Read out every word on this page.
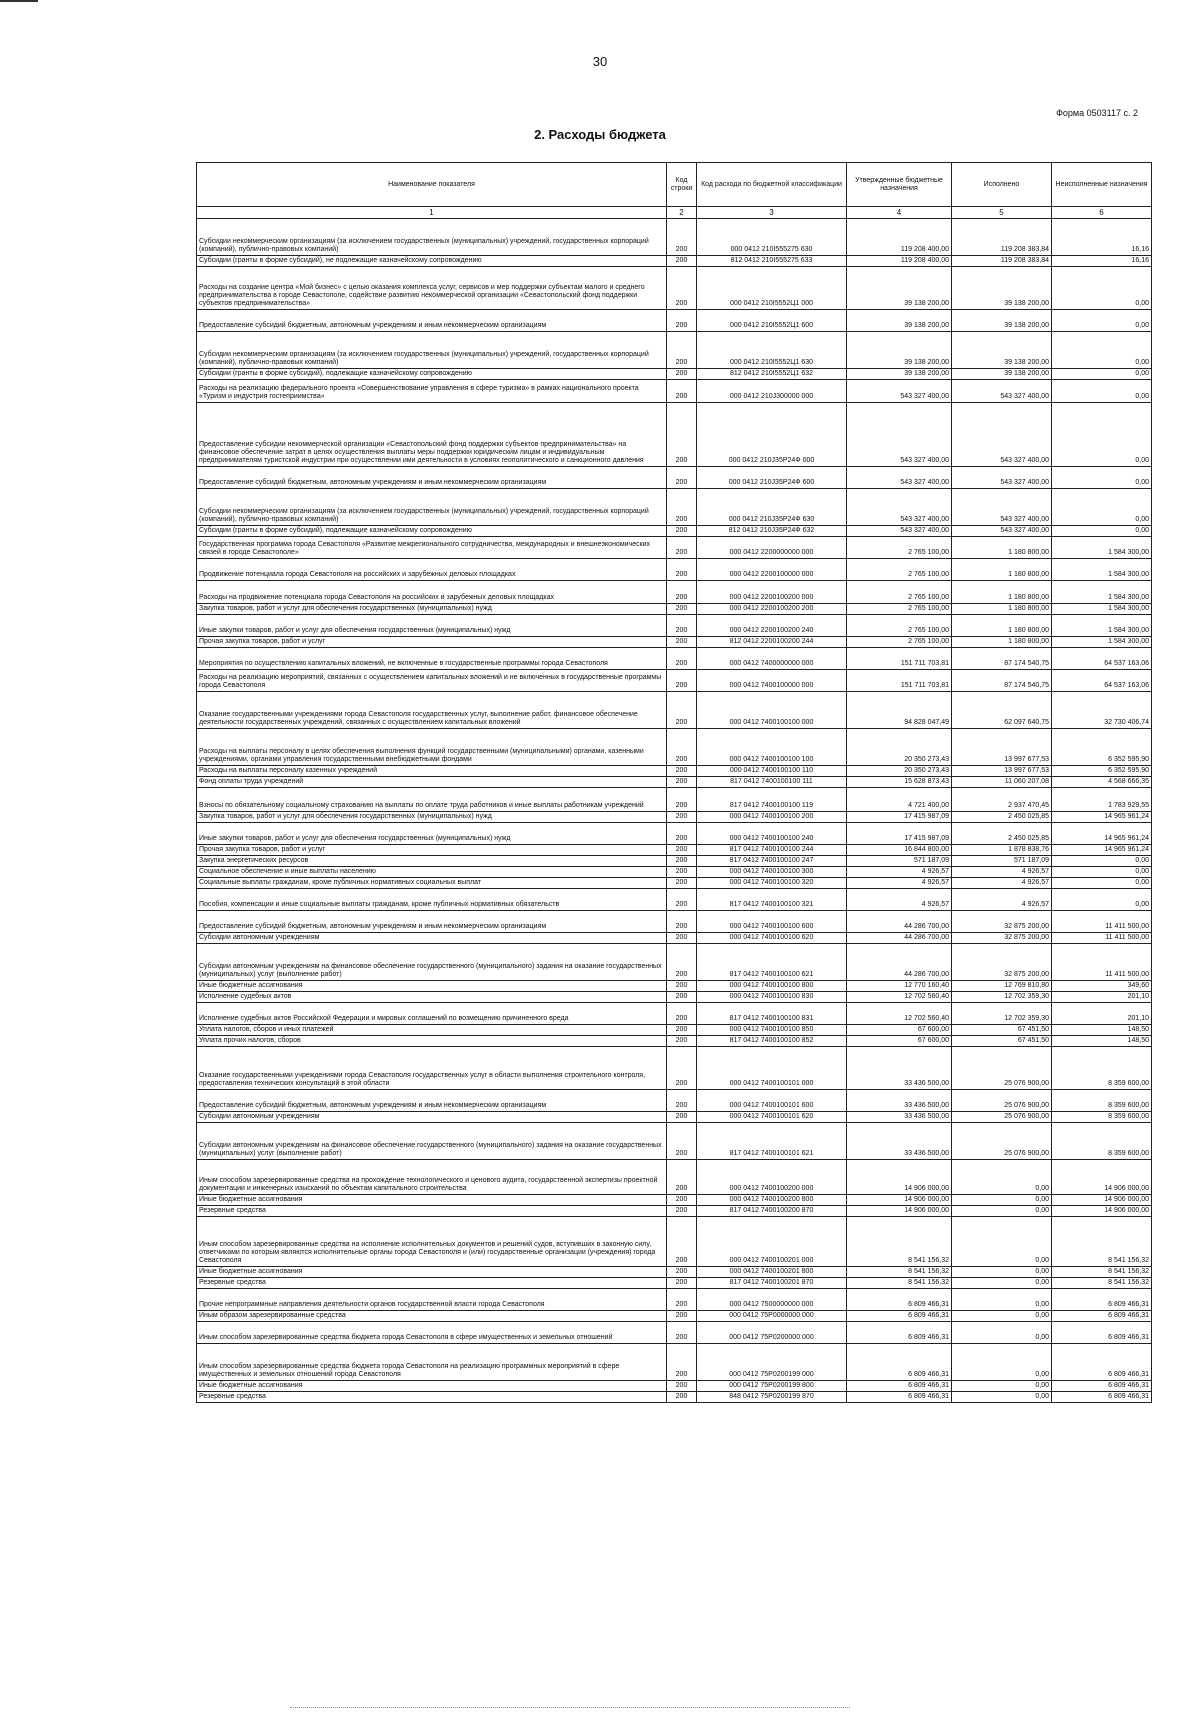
30
Форма 0503117 с. 2
2. Расходы бюджета
Наименование показателя	Код строки	Код расхода по бюджетной классификации	Утвержденные бюджетные назначения	Исполнено	Неисполненные назначения
1	2	3	4	5	6
Субсидии некоммерческим организациям (за исключением государственных (муниципальных) учреждений, государственных корпораций (компаний), публично-правовых компаний)	200	000 0412 210I555275 630	119 208 400,00	119 208 383,84	16,16
Субсидии (гранты в форме субсидий), не подлежащие казначейскому сопровождению	200	812 0412 210I555275 633	119 208 400,00	119 208 383,84	16,16
Расходы на создание центра «Мой бизнес» с целью оказания комплекса услуг, сервисов и мер поддержки субъектам малого и среднего предпринимательства в городе Севастополе, содействие развитию некоммерческой организации «Севастопольский фонд поддержки субъектов предпринимательства»	200	000 0412 210I5552Ц1 000	39 138 200,00	39 138 200,00	0,00
Предоставление субсидий бюджетным, автономным учреждениям и иным некоммерческим организациям	200	000 0412 210I5552Ц1 600	39 138 200,00	39 138 200,00	0,00
Субсидии некоммерческим организациям (за исключением государственных (муниципальных) учреждений, государственных корпораций (компаний), публично-правовых компаний)	200	000 0412 210I5552Ц1 630	39 138 200,00	39 138 200,00	0,00
Субсидии (гранты в форме субсидий), подлежащие казначейскому сопровождению	200	812 0412 210I5552Ц1 632	39 138 200,00	39 138 200,00	0,00
Расходы на реализацию федерального проекта «Совершенствование управления в сфере туризма» в рамках национального проекта «Туризм и индустрия гостеприимства»	200	000 0412 210J300000 000	543 327 400,00	543 327 400,00	0,00
Предоставление субсидии некоммерческой организации «Севастопольский фонд поддержки субъектов предпринимательства» на финансовое обеспечение затрат в целях осуществления выплаты меры поддержки юридическим лицам и индивидуальным предпринимателям туристской индустрии при осуществлении ими деятельности в условиях геополитического и санкционного давления	200	000 0412 210J35Р24Ф 000	543 327 400,00	543 327 400,00	0,00
Предоставление субсидий бюджетным, автономным учреждениям и иным некоммерческим организациям	200	000 0412 210J35Р24Ф 600	543 327 400,00	543 327 400,00	0,00
Субсидии некоммерческим организациям (за исключением государственных (муниципальных) учреждений, государственных корпораций (компаний), публично-правовых компаний)	200	000 0412 210J35Р24Ф 630	543 327 400,00	543 327 400,00	0,00
Субсидии (гранты в форме субсидий), подлежащие казначейскому сопровождению	200	812 0412 210J35Р24Ф 632	543 327 400,00	543 327 400,00	0,00
Государственная программа города Севастополя «Развитие межрегионального сотрудничества, международных и внешнеэкономических связей в городе Севастополе»	200	000 0412 2200000000 000	2 765 100,00	1 180 800,00	1 584 300,00
Продвижение потенциала города Севастополя на российских и зарубежных деловых площадках	200	000 0412 2200100000 000	2 765 100,00	1 180 800,00	1 584 300,00
Расходы на продвижение потенциала города Севастополя на российских и зарубежных деловых площадках	200	000 0412 2200100200 000	2 765 100,00	1 180 800,00	1 584 300,00
Закупка товаров, работ и услуг для обеспечения государственных (муниципальных) нужд	200	000 0412 2200100200 200	2 765 100,00	1 180 800,00	1 584 300,00
Иные закупки товаров, работ и услуг для обеспечения государственных (муниципальных) нужд	200	000 0412 2200100200 240	2 765 100,00	1 180 800,00	1 584 300,00
Прочая закупка товаров, работ и услуг	200	812 0412 2200100200 244	2 765 100,00	1 180 800,00	1 584 300,00
Мероприятия по осуществлению капитальных вложений, не включенные в государственные программы города Севастополя	200	000 0412 7400000000 000	151 711 703,81	87 174 540,75	64 537 163,06
Расходы на реализацию мероприятий, связанных с осуществлением капитальных вложений и не включенных в государственные программы города Севастополя	200	000 0412 7400100000 000	151 711 703,81	87 174 540,75	64 537 163,06
Оказание государственными учреждениями города Севастополя государственных услуг, выполнение работ, финансовое обеспечение деятельности государственных учреждений, связанных с осуществлением капитальных вложений	200	000 0412 7400100100 000	94 828 047,49	62 097 640,75	32 730 406,74
Расходы на выплаты персоналу в целях обеспечения выполнения функций государственными (муниципальными) органами, казенными учреждениями, органами управления государственными внебюджетными фондами	200	000 0412 7400100100 100	20 350 273,43	13 997 677,53	6 352 595,90
Расходы на выплаты персоналу казенных учреждений	200	000 0412 7400100100 110	20 350 273,43	13 997 677,53	6 352 595,90
Фонд оплаты труда учреждений	200	817 0412 7400100100 111	15 628 873,43	11 060 207,08	4 568 666,35
Взносы по обязательному социальному страхованию на выплаты по оплате труда работников и иные выплаты работникам учреждений	200	817 0412 7400100100 119	4 721 400,00	2 937 470,45	1 783 929,55
Закупка товаров, работ и услуг для обеспечения государственных (муниципальных) нужд	200	000 0412 7400100100 200	17 415 987,09	2 450 025,85	14 965 961,24
Иные закупки товаров, работ и услуг для обеспечения государственных (муниципальных) нужд	200	000 0412 7400100100 240	17 415 987,09	2 450 025,85	14 965 961,24
Прочая закупка товаров, работ и услуг	200	817 0412 7400100100 244	16 844 800,00	1 878 838,76	14 965 961,24
Закупка энергетических ресурсов	200	817 0412 7400100100 247	571 187,09	571 187,09	0,00
Социальное обеспечение и иные выплаты населению	200	000 0412 7400100100 300	4 926,57	4 926,57	0,00
Социальные выплаты гражданам, кроме публичных нормативных социальных выплат	200	000 0412 7400100100 320	4 926,57	4 926,57	0,00
Пособия, компенсации и иные социальные выплаты гражданам, кроме публичных нормативных обязательств	200	817 0412 7400100100 321	4 926,57	4 926,57	0,00
Предоставление субсидий бюджетным, автономным учреждениям и иным некоммерческим организациям	200	000 0412 7400100100 600	44 286 700,00	32 875 200,00	11 411 500,00
Субсидии автономным учреждениям	200	000 0412 7400100100 620	44 286 700,00	32 875 200,00	11 411 500,00
Субсидии автономным учреждениям на финансовое обеспечение государственного (муниципального) задания на оказание государственных (муниципальных) услуг (выполнение работ)	200	817 0412 7400100100 621	44 286 700,00	32 875 200,00	11 411 500,00
Иные бюджетные ассигнования	200	000 0412 7400100100 800	12 770 160,40	12 769 810,80	349,60
Исполнение судебных актов	200	000 0412 7400100100 830	12 702 560,40	12 702 359,30	201,10
Исполнение судебных актов Российской Федерации и мировых соглашений по возмещению причиненного вреда	200	817 0412 7400100100 831	12 702 560,40	12 702 359,30	201,10
Уплата налогов, сборов и иных платежей	200	000 0412 7400100100 850	67 600,00	67 451,50	148,50
Уплата прочих налогов, сборов	200	817 0412 7400100100 852	67 600,00	67 451,50	148,50
Оказание государственными учреждениями города Севастополя государственных услуг в области выполнения строительного контроля, предоставления технических консультаций в этой области	200	000 0412 7400100101 000	33 436 500,00	25 076 900,00	8 359 600,00
Предоставление субсидий бюджетным, автономным учреждениям и иным некоммерческим организациям	200	000 0412 7400100101 600	33 436 500,00	25 076 900,00	8 359 600,00
Субсидии автономным учреждениям	200	000 0412 7400100101 620	33 436 500,00	25 076 900,00	8 359 600,00
Субсидии автономным учреждениям на финансовое обеспечение государственного (муниципального) задания на оказание государственных (муниципальных) услуг (выполнение работ)	200	817 0412 7400100101 621	33 436 500,00	25 076 900,00	8 359 600,00
Иным способом зарезервированные средства на прохождение технологического и ценового аудита, государственной экспертизы проектной документации и инженерных изысканий по объектам капитального строительства	200	000 0412 7400100200 000	14 906 000,00	0,00	14 906 000,00
Иные бюджетные ассигнования	200	000 0412 7400100200 800	14 906 000,00	0,00	14 906 000,00
Резервные средства	200	817 0412 7400100200 870	14 906 000,00	0,00	14 906 000,00
Иным способом зарезервированные средства на исполнение исполнительных документов и решений судов, вступивших в законную силу, ответчиками по которым являются исполнительные органы города Севастополя и (или) государственные организации (учреждения) города Севастополя	200	000 0412 7400100201 000	8 541 156,32	0,00	8 541 156,32
Иные бюджетные ассигнования	200	000 0412 7400100201 800	8 541 156,32	0,00	8 541 156,32
Резервные средства	200	817 0412 7400100201 870	8 541 156,32	0,00	8 541 156,32
Прочие непрограммные направления деятельности органов государственной власти города Севастополя	200	000 0412 7500000000 000	6 809 466,31	0,00	6 809 466,31
Иным образом зарезервированные средства	200	000 0412 75Р0000000 000	6 809 466,31	0,00	6 809 466,31
Иным способом зарезервированные средства бюджета города Севастополя в сфере имущественных и земельных отношений	200	000 0412 75Р0200000 000	6 809 466,31	0,00	6 809 466,31
Иным способом зарезервированные средства бюджета города Севастополя на реализацию программных мероприятий в сфере имущественных и земельных отношений города Севастополя	200	000 0412 75Р0200199 000	6 809 466,31	0,00	6 809 466,31
Иные бюджетные ассигнования	200	000 0412 75Р0200199 800	6 809 466,31	0,00	6 809 466,31
Резервные средства	200	848 0412 75Р0200199 870	6 809 466,31	0,00	6 809 466,31
